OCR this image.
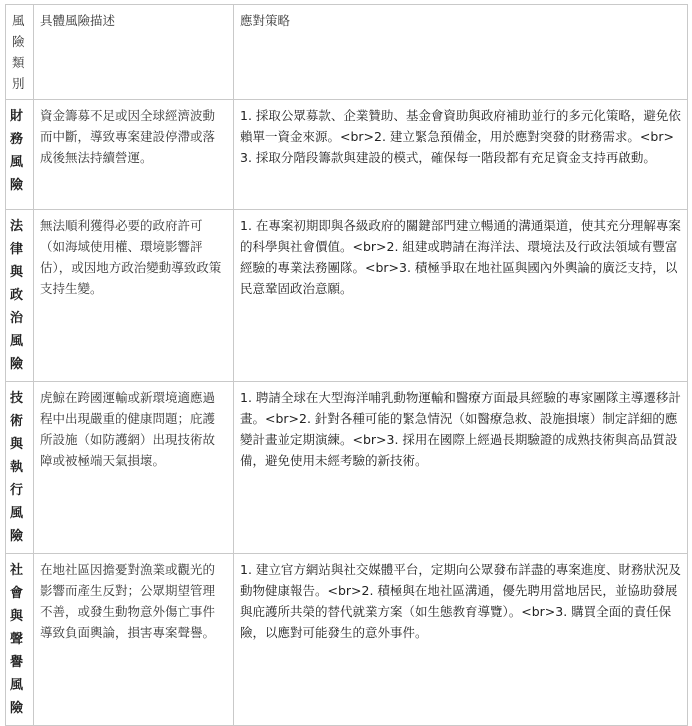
風險類別	具體風險描述	應對策略
財務風險	資金籌募不足或因全球經濟波動而中斷，導致專案建設停滯或落成後無法持續營運。	1. 採取公眾募款、企業贊助、基金會資助與政府補助並行的多元化策略，避免依賴單一資金來源。<br>2. 建立緊急預備金，用於應對突發的財務需求。<br>3. 採取分階段籌款與建設的模式，確保每一階段都有充足資金支持再啟動。
法律與政治風險	無法順利獲得必要的政府許可（如海域使用權、環境影響評估），或因地方政治變動導致政策支持生變。	1. 在專案初期即與各級政府的關鍵部門建立暢通的溝通渠道，使其充分理解專案的科學與社會價值。<br>2. 組建或聘請在海洋法、環境法及行政法領域有豐富經驗的專業法務團隊。<br>3. 積極爭取在地社區與國內外輿論的廣泛支持，以民意鞏固政治意願。
技術與執行風險	虎鯨在跨國運輸或新環境適應過程中出現嚴重的健康問題；庇護所設施（如防護網）出現技術故障或被極端天氣損壞。	1. 聘請全球在大型海洋哺乳動物運輸和醫療方面最具經驗的專家團隊主導遷移計畫。<br>2. 針對各種可能的緊急情況（如醫療急救、設施損壞）制定詳細的應變計畫並定期演練。<br>3. 採用在國際上經過長期驗證的成熟技術與高品質設備，避免使用未經考驗的新技術。
社會與聲譽風險	在地社區因擔憂對漁業或觀光的影響而產生反對；公眾期望管理不善，或發生動物意外傷亡事件導致負面輿論，損害專案聲譽。	1. 建立官方網站與社交媒體平台，定期向公眾發布詳盡的專案進度、財務狀況及動物健康報告。<br>2. 積極與在地社區溝通，優先聘用當地居民，並協助發展與庇護所共榮的替代就業方案（如生態教育導覽）。<br>3. 購買全面的責任保險，以應對可能發生的意外事件。
